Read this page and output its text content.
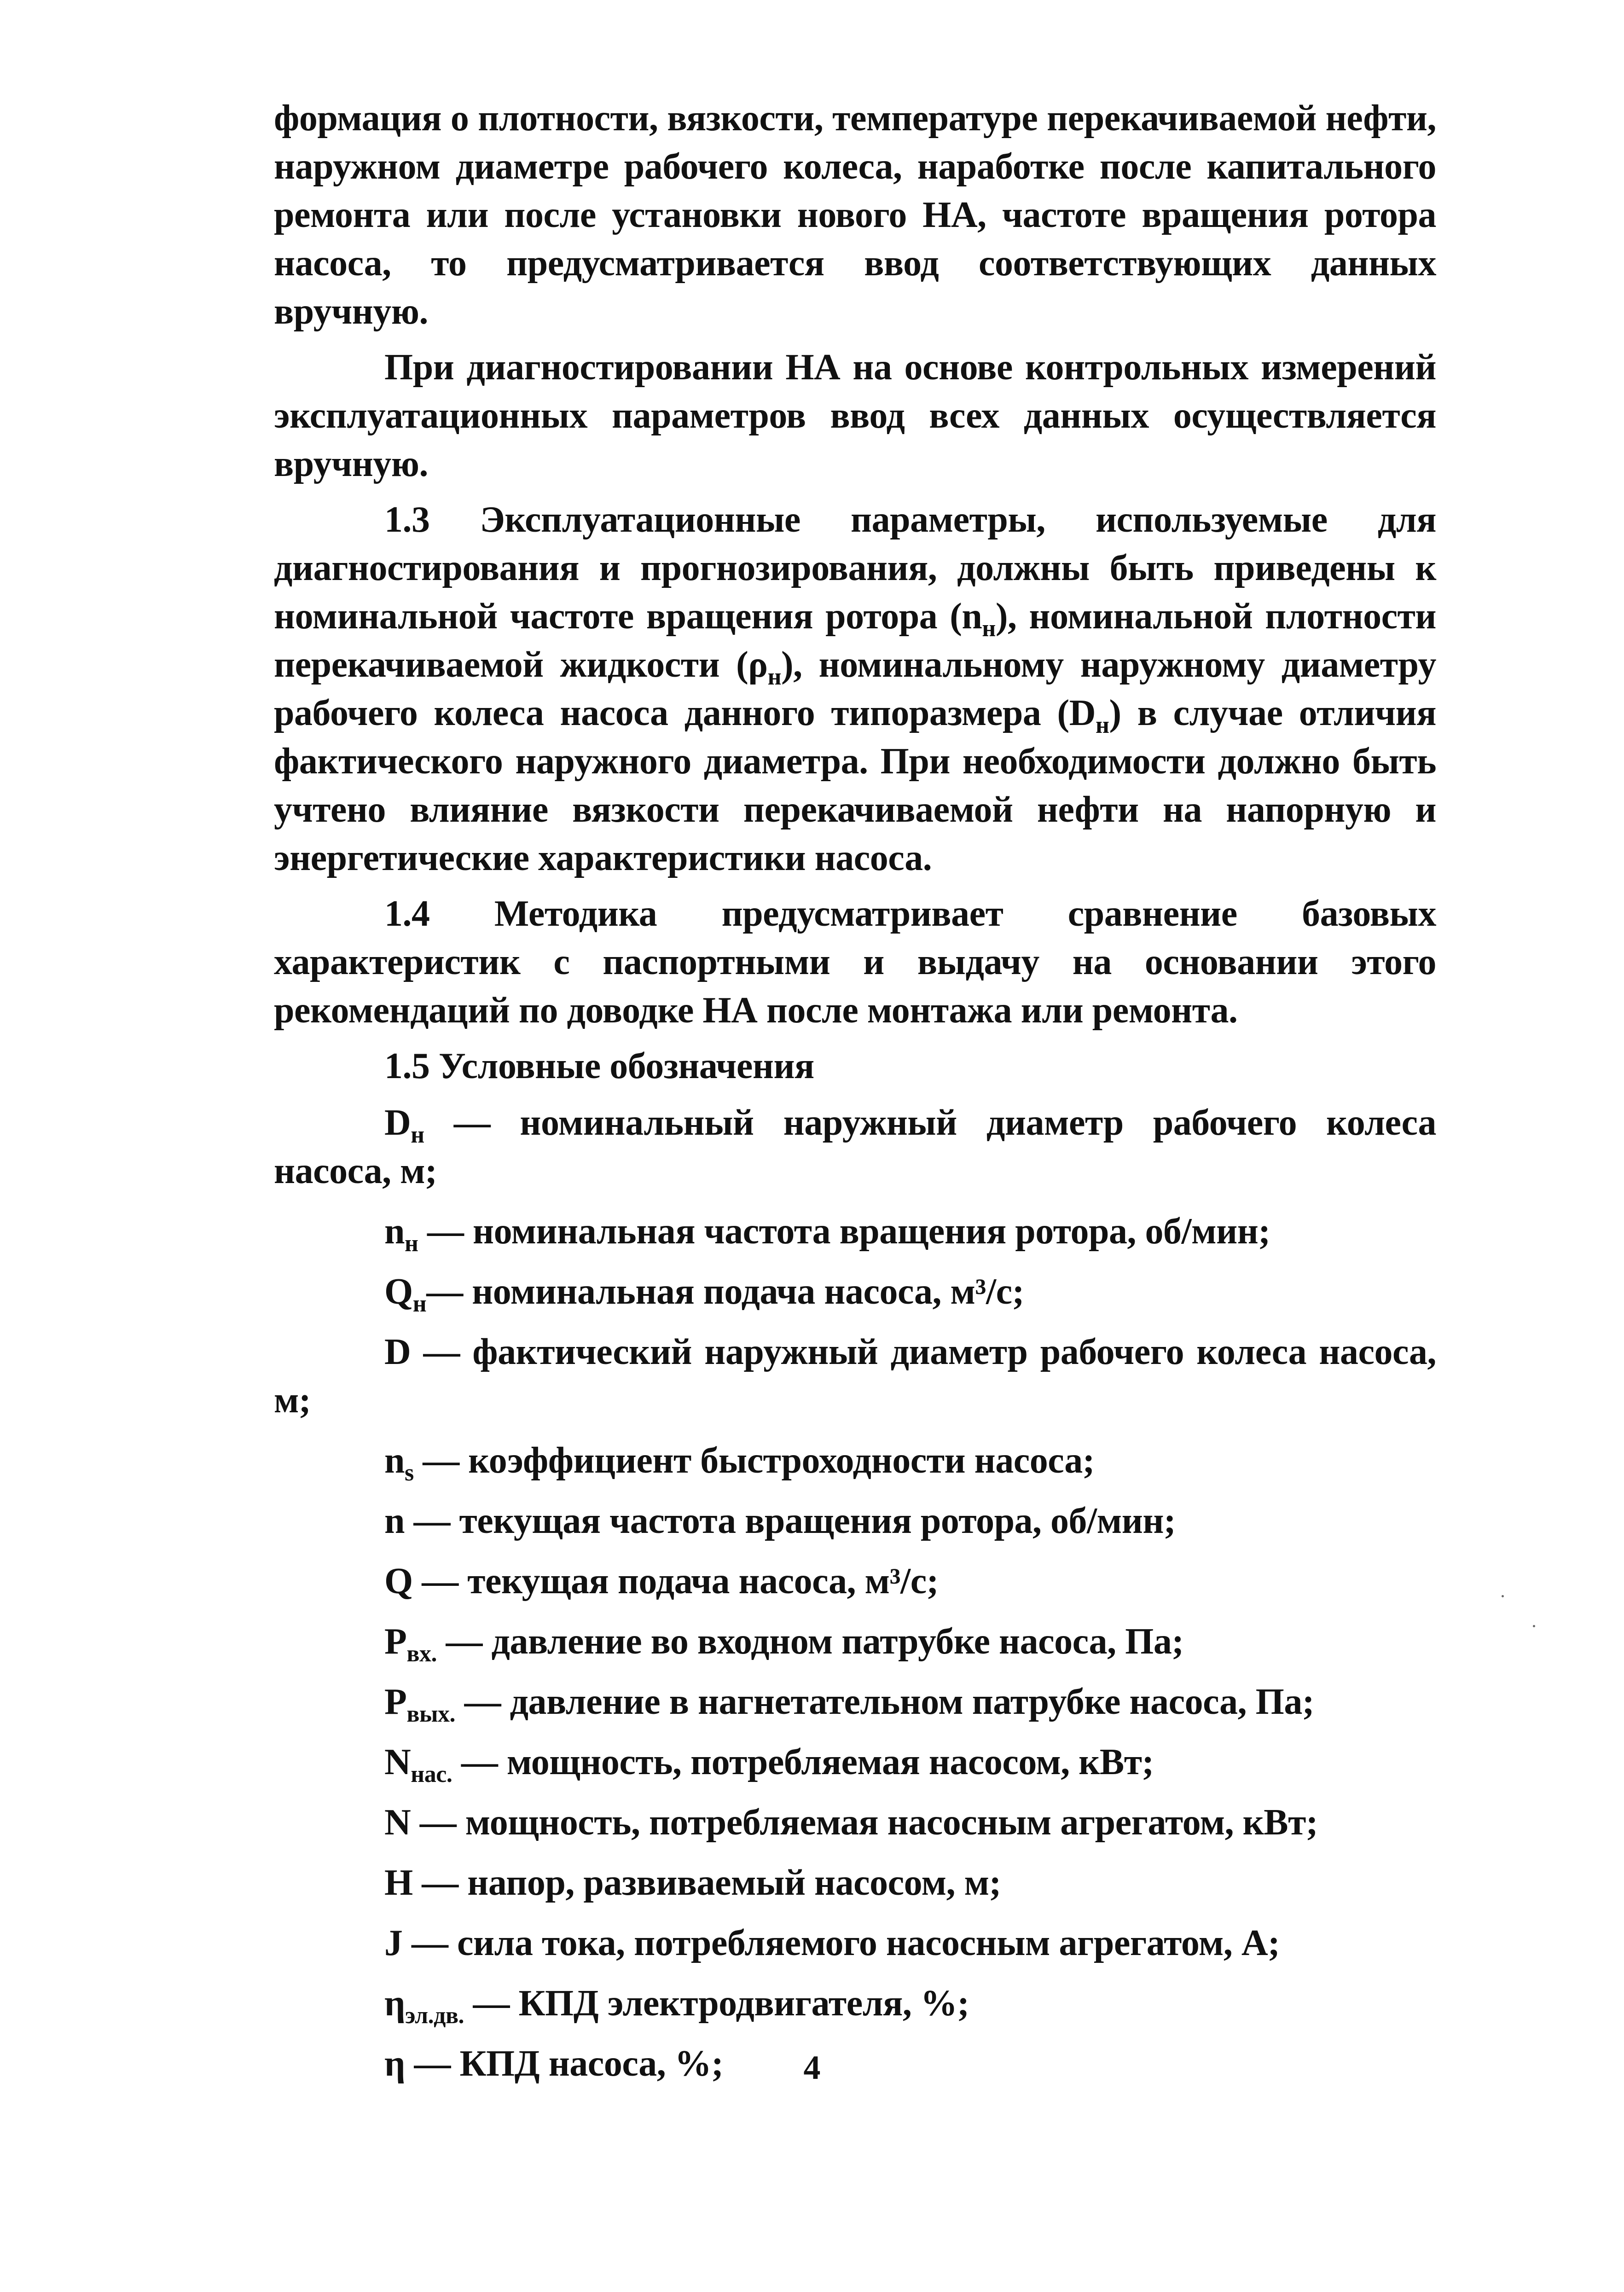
формация о плотности, вязкости, температуре перекачиваемой нефти, наружном диаметре рабочего колеса, наработке после капитального ремонта или после установки нового НА, частоте вращения ротора насоса, то предусматривается ввод соответствующих данных вручную.

При диагностировании НА на основе контрольных измерений эксплуатационных параметров ввод всех данных осуществляется вручную.

1.3 Эксплуатационные параметры, используемые для диагностирования и прогнозирования, должны быть приведены к номинальной частоте вращения ротора $(n_н)$, номинальной плотности перекачиваемой жидкости $(\rho_н)$, номинальному наружному диаметру рабочего колеса насоса данного типоразмера $(D_н)$ в случае отличия фактического наружного диаметра. При необходимости должно быть учтено влияние вязкости перекачиваемой нефти на напорную и энергетические характеристики насоса.

1.4 Методика предусматривает сравнение базовых характеристик с паспортными и выдачу на основании этого рекомендаций по доводке НА после монтажа или ремонта.

1.5 Условные обозначения

$D_н$ — номинальный наружный диаметр рабочего колеса насоса, м;

$n_н$ — номинальная частота вращения ротора, об/мин;

$Q_н—$ номинальная подача насоса, м³/с;

D — фактический наружный диаметр рабочего колеса насоса, м;

$n_s$ — коэффициент быстроходности насоса;

n — текущая частота вращения ротора, об/мин;

Q — текущая подача насоса, м³/с;

$P_{вх.}$ — давление во входном патрубке насоса, Па;

$P_{вых.}$ — давление в нагнетательном патрубке насоса, Па;

$N_{нас.}$ — мощность, потребляемая насосом, кВт;

N — мощность, потребляемая насосным агрегатом, кВт;

H — напор, развиваемый насосом, м;

J — сила тока, потребляемого насосным агрегатом, А;

$\eta_{эл.дв.}$ — КПД электродвигателя, %;

η — КПД насоса, %;	4
